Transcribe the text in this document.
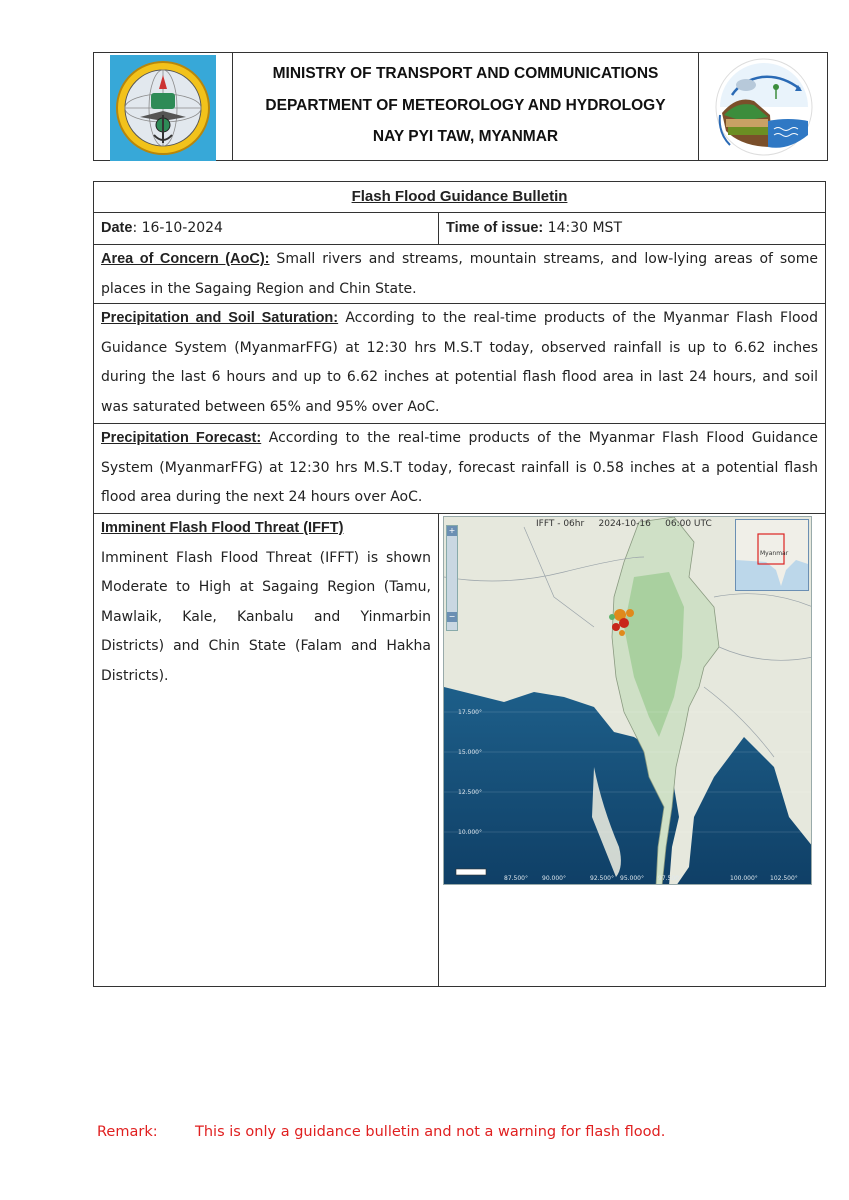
MINISTRY OF TRANSPORT AND COMMUNICATIONS
DEPARTMENT OF METEOROLOGY AND HYDROLOGY
NAY PYI TAW, MYANMAR
Flash Flood Guidance Bulletin
Date: 16-10-2024	Time of issue: 14:30 MST
Area of Concern (AoC): Small rivers and streams, mountain streams, and low-lying areas of some places in the Sagaing Region and Chin State.
Precipitation and Soil Saturation: According to the real-time products of the Myanmar Flash Flood Guidance System (MyanmarFFG) at 12:30 hrs M.S.T today, observed rainfall is up to 6.62 inches during the last 6 hours and up to 6.62 inches at potential flash flood area in last 24 hours, and soil was saturated between 65% and 95% over AoC.
Precipitation Forecast: According to the real-time products of the Myanmar Flash Flood Guidance System (MyanmarFFG) at 12:30 hrs M.S.T today, forecast rainfall is 0.58 inches at a potential flash flood area during the next 24 hours over AoC.
Imminent Flash Flood Threat (IFFT)
Imminent Flash Flood Threat (IFFT) is shown Moderate to High at Sagaing Region (Tamu, Mawlaik, Kale, Kanbalu and Yinmarbin Districts) and Chin State (Falam and Hakha Districts).
IFFT - 06hr 2024-10-16 06:00 UTC
+
−
Myanmar
17.500°
15.000°
12.500°
10.000°
87.500° 90.000°	92.500° 95.000° 97.500°	100.000° 102.500°
Remark:	This is only a guidance bulletin and not a warning for flash flood.
